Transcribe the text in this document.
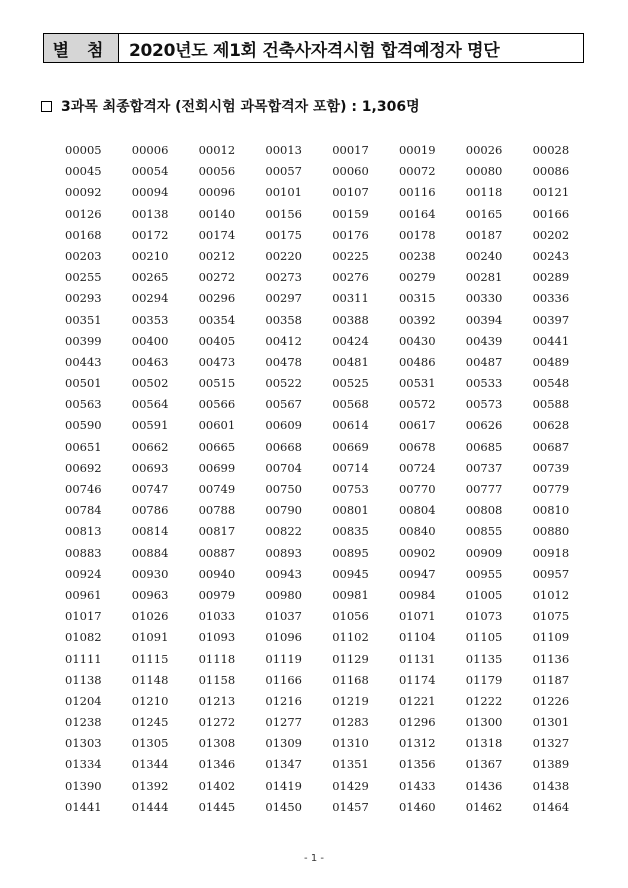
별 첨	2020년도 제1회 건축사자격시험 합격예정자 명단
3과목 최종합격자 (전회시험 과목합격자 포함) : 1,306명
00005	00006	00012	00013	00017	00019	00026	00028
00045	00054	00056	00057	00060	00072	00080	00086
00092	00094	00096	00101	00107	00116	00118	00121
00126	00138	00140	00156	00159	00164	00165	00166
00168	00172	00174	00175	00176	00178	00187	00202
00203	00210	00212	00220	00225	00238	00240	00243
00255	00265	00272	00273	00276	00279	00281	00289
00293	00294	00296	00297	00311	00315	00330	00336
00351	00353	00354	00358	00388	00392	00394	00397
00399	00400	00405	00412	00424	00430	00439	00441
00443	00463	00473	00478	00481	00486	00487	00489
00501	00502	00515	00522	00525	00531	00533	00548
00563	00564	00566	00567	00568	00572	00573	00588
00590	00591	00601	00609	00614	00617	00626	00628
00651	00662	00665	00668	00669	00678	00685	00687
00692	00693	00699	00704	00714	00724	00737	00739
00746	00747	00749	00750	00753	00770	00777	00779
00784	00786	00788	00790	00801	00804	00808	00810
00813	00814	00817	00822	00835	00840	00855	00880
00883	00884	00887	00893	00895	00902	00909	00918
00924	00930	00940	00943	00945	00947	00955	00957
00961	00963	00979	00980	00981	00984	01005	01012
01017	01026	01033	01037	01056	01071	01073	01075
01082	01091	01093	01096	01102	01104	01105	01109
01111	01115	01118	01119	01129	01131	01135	01136
01138	01148	01158	01166	01168	01174	01179	01187
01204	01210	01213	01216	01219	01221	01222	01226
01238	01245	01272	01277	01283	01296	01300	01301
01303	01305	01308	01309	01310	01312	01318	01327
01334	01344	01346	01347	01351	01356	01367	01389
01390	01392	01402	01419	01429	01433	01436	01438
01441	01444	01445	01450	01457	01460	01462	01464
- 1 -
